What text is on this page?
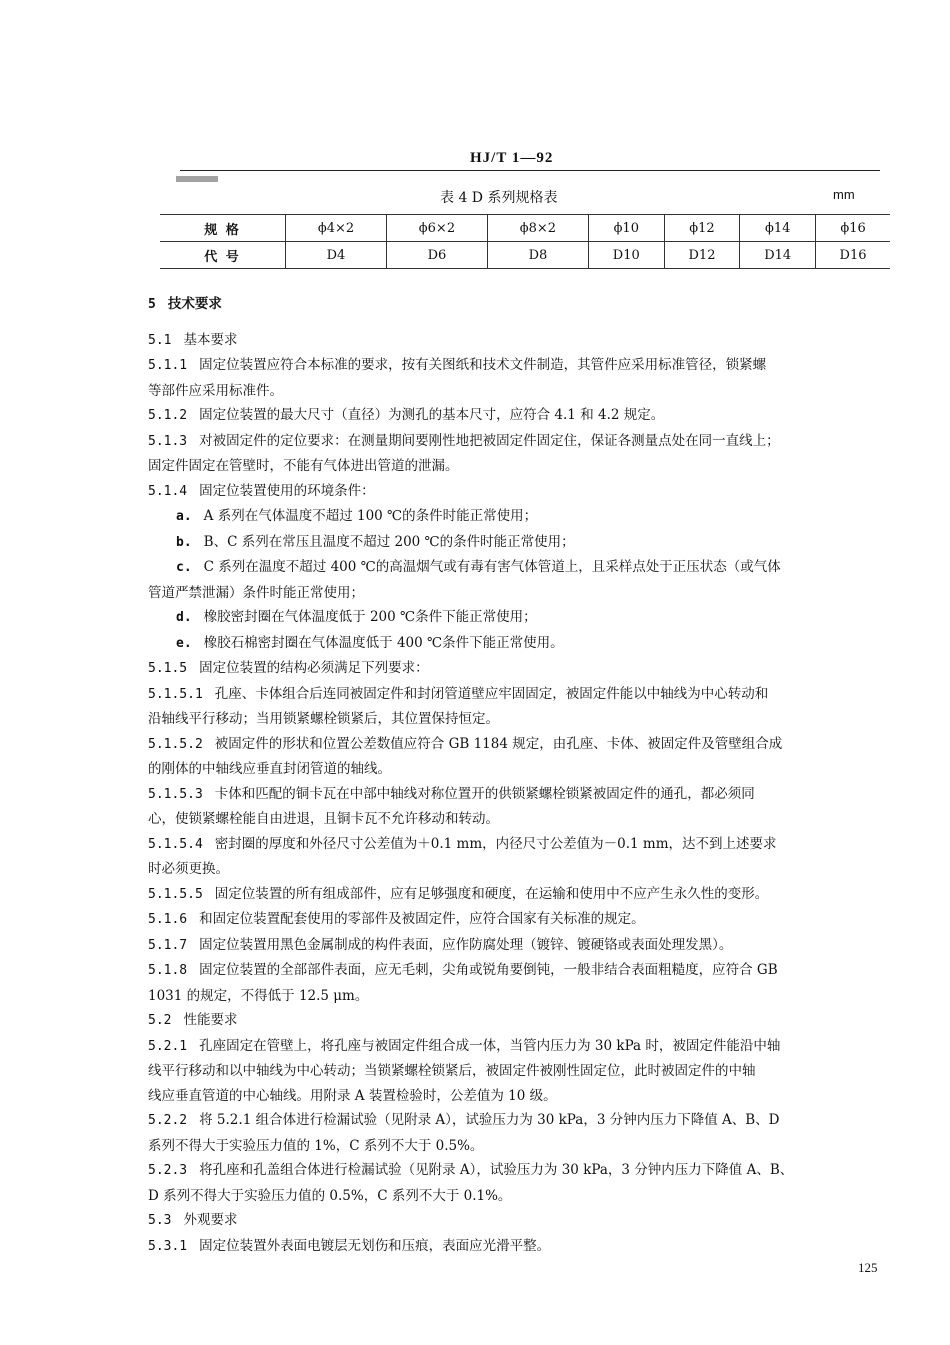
HJ/T 1—92
表 4 D 系列规格表	mm
规 格	ϕ4×2	ϕ6×2	ϕ8×2	ϕ10	ϕ12	ϕ14	ϕ16
代 号	D4	D6	D8	D10	D12	D14	D16

5 技术要求

5.1 基本要求

5.1.1 固定位装置应符合本标准的要求，按有关图纸和技术文件制造，其管件应采用标准管径，锁紧螺

等部件应采用标准件。

5.1.2 固定位装置的最大尺寸（直径）为测孔的基本尺寸，应符合 4.1 和 4.2 规定。

5.1.3 对被固定件的定位要求：在测量期间要刚性地把被固定件固定住，保证各测量点处在同一直线上；

固定件固定在管壁时，不能有气体进出管道的泄漏。

5.1.4 固定位装置使用的环境条件：

a. A 系列在气体温度不超过 100 ℃的条件时能正常使用；

b. B、C 系列在常压且温度不超过 200 ℃的条件时能正常使用；

c. C 系列在温度不超过 400 ℃的高温烟气或有毒有害气体管道上，且采样点处于正压状态（或气体

管道严禁泄漏）条件时能正常使用；

d. 橡胶密封圈在气体温度低于 200 ℃条件下能正常使用；

e. 橡胶石棉密封圈在气体温度低于 400 ℃条件下能正常使用。

5.1.5 固定位装置的结构必须满足下列要求：

5.1.5.1 孔座、卡体组合后连同被固定件和封闭管道壁应牢固固定，被固定件能以中轴线为中心转动和

沿轴线平行移动；当用锁紧螺栓锁紧后，其位置保持恒定。

5.1.5.2 被固定件的形状和位置公差数值应符合 GB 1184 规定，由孔座、卡体、被固定件及管壁组合成

的刚体的中轴线应垂直封闭管道的轴线。

5.1.5.3 卡体和匹配的铜卡瓦在中部中轴线对称位置开的供锁紧螺栓锁紧被固定件的通孔，都必须同

心，使锁紧螺栓能自由进退，且铜卡瓦不允许移动和转动。

5.1.5.4 密封圈的厚度和外径尺寸公差值为＋0.1 mm，内径尺寸公差值为－0.1 mm，达不到上述要求

时必须更换。

5.1.5.5 固定位装置的所有组成部件，应有足够强度和硬度，在运输和使用中不应产生永久性的变形。

5.1.6 和固定位装置配套使用的零部件及被固定件，应符合国家有关标准的规定。

5.1.7 固定位装置用黑色金属制成的构件表面，应作防腐处理（镀锌、镀硬铬或表面处理发黑）。

5.1.8 固定位装置的全部部件表面，应无毛刺，尖角或锐角要倒钝，一般非结合表面粗糙度，应符合 GB

1031 的规定，不得低于 12.5 μm。

5.2 性能要求

5.2.1 孔座固定在管壁上，将孔座与被固定件组合成一体，当管内压力为 30 kPa 时，被固定件能沿中轴

线平行移动和以中轴线为中心转动；当锁紧螺栓锁紧后，被固定件被刚性固定位，此时被固定件的中轴

线应垂直管道的中心轴线。用附录 A 装置检验时，公差值为 10 级。

5.2.2 将 5.2.1 组合体进行检漏试验（见附录 A），试验压力为 30 kPa，3 分钟内压力下降值 A、B、D

系列不得大于实验压力值的 1%，C 系列不大于 0.5%。

5.2.3 将孔座和孔盖组合体进行检漏试验（见附录 A），试验压力为 30 kPa，3 分钟内压力下降值 A、B、

D 系列不得大于实验压力值的 0.5%，C 系列不大于 0.1%。

5.3 外观要求

5.3.1 固定位装置外表面电镀层无划伤和压痕，表面应光滑平整。

125
